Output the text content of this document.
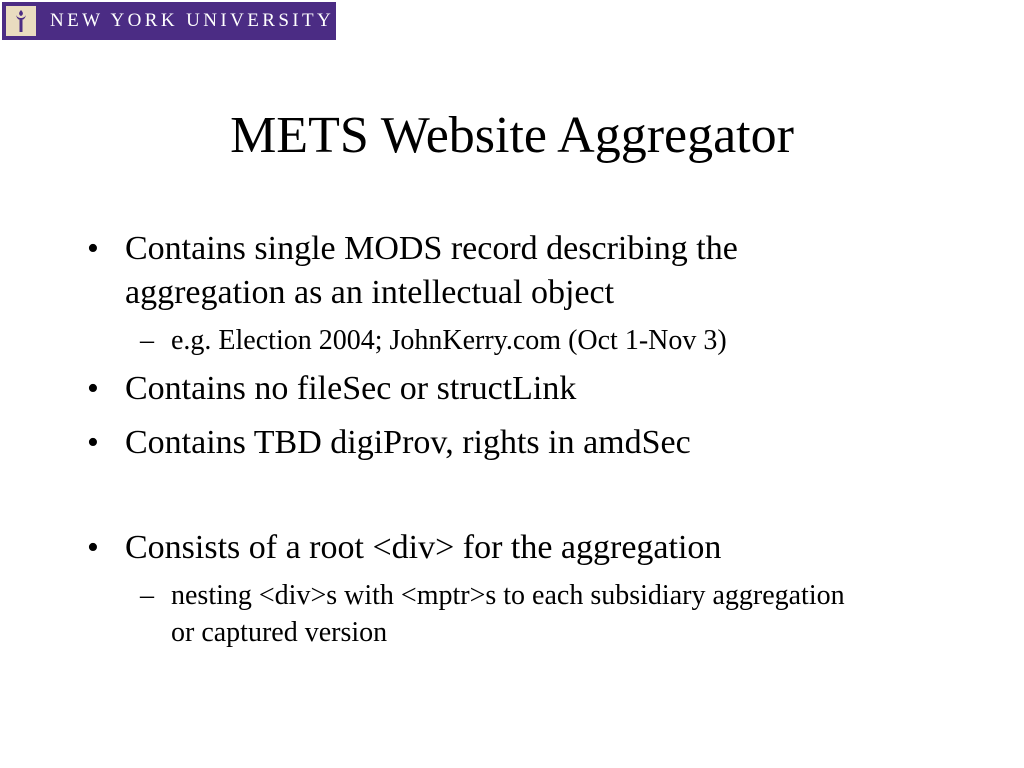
NEW YORK UNIVERSITY
METS Website Aggregator
• Contains single MODS record describing the aggregation as an intellectual object
– e.g. Election 2004; JohnKerry.com (Oct 1-Nov 3)
• Contains no fileSec or structLink
• Contains TBD digiProv, rights in amdSec
• Consists of a root <div> for the aggregation
– nesting <div>s with <mptr>s to each subsidiary aggregation or captured version
